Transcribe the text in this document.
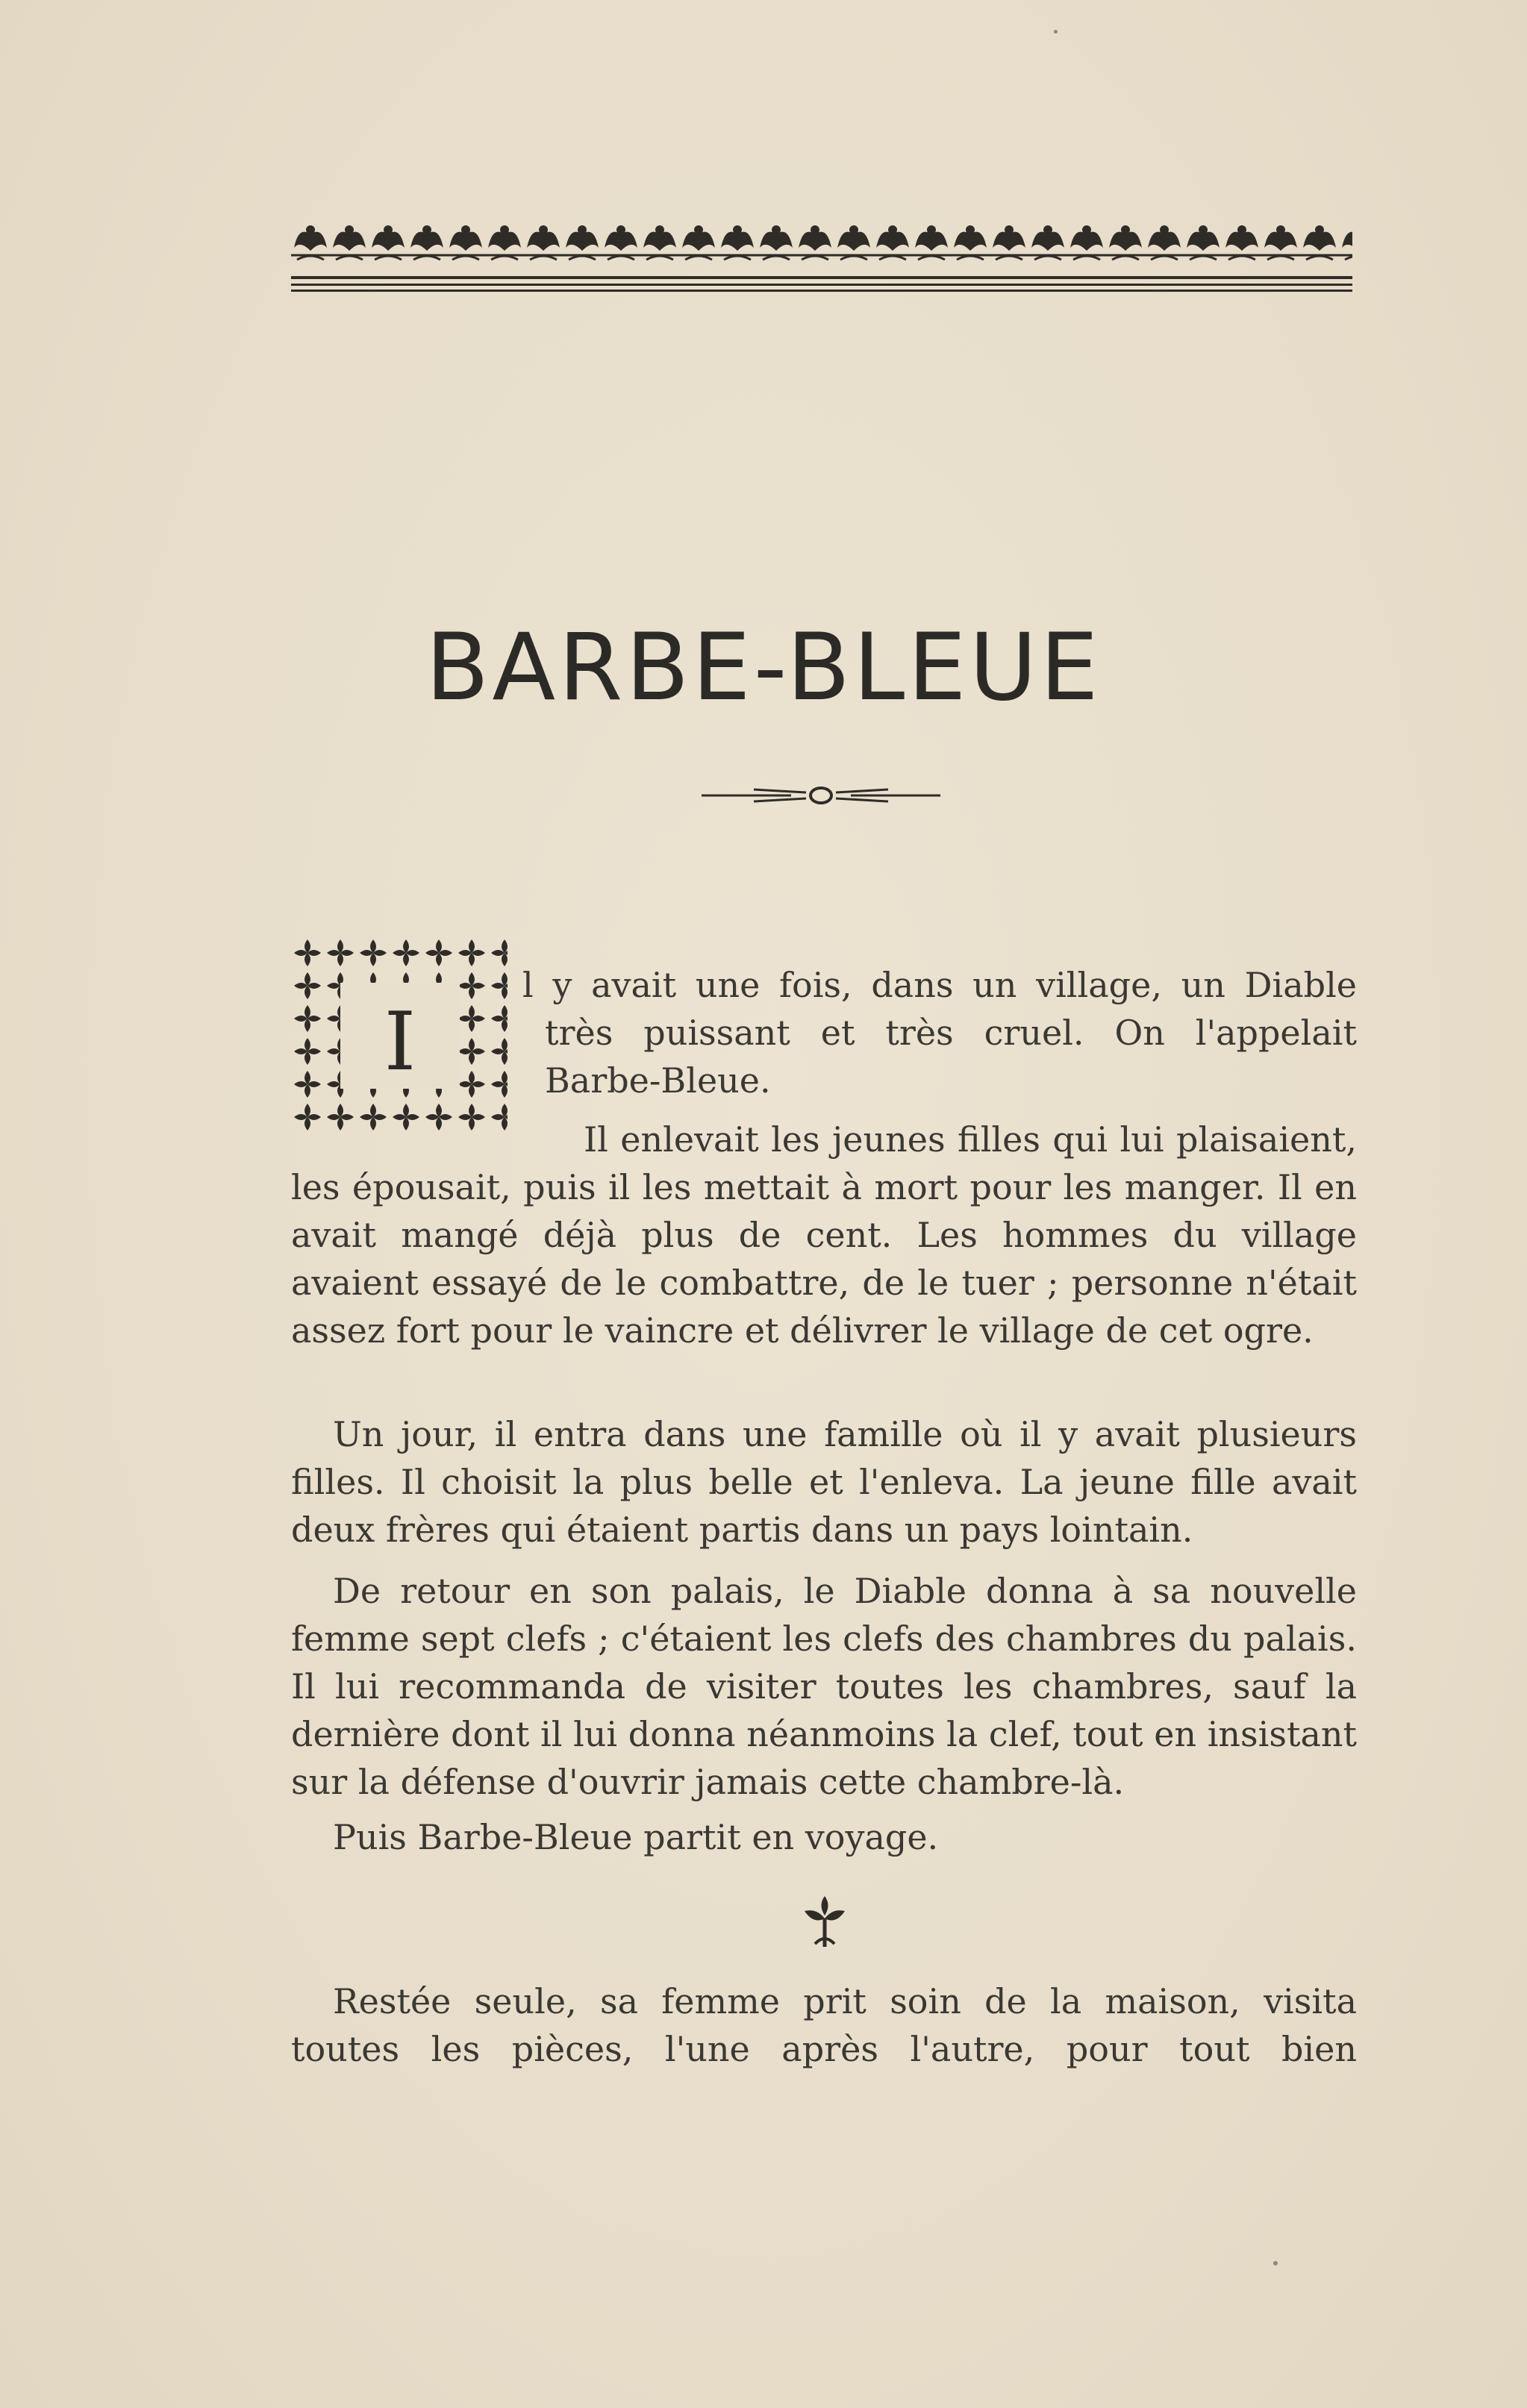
BARBE-BLEUE
I

l y avait une fois, dans un village, un Diable
très puissant et très cruel. On l'appelait
Barbe-Bleue.

Il enlevait les jeunes filles qui lui plaisaient, les épousait, puis il les mettait à mort pour les manger. Il en avait mangé déjà plus de cent. Les hommes du village avaient essayé de le combattre, de le tuer ; personne n'était assez fort pour le vaincre et délivrer le village de cet ogre.

Un jour, il entra dans une famille où il y avait plusieurs filles. Il choisit la plus belle et l'enleva. La jeune fille avait deux frères qui étaient partis dans un pays lointain.

De retour en son palais, le Diable donna à sa nouvelle femme sept clefs ; c'étaient les clefs des chambres du palais. Il lui recommanda de visiter toutes les chambres, sauf la dernière dont il lui donna néanmoins la clef, tout en insistant sur la défense d'ouvrir jamais cette chambre-là.

Puis Barbe-Bleue partit en voyage.

Restée seule, sa femme prit soin de la maison, visita toutes les pièces, l'une après l'autre, pour tout bien
